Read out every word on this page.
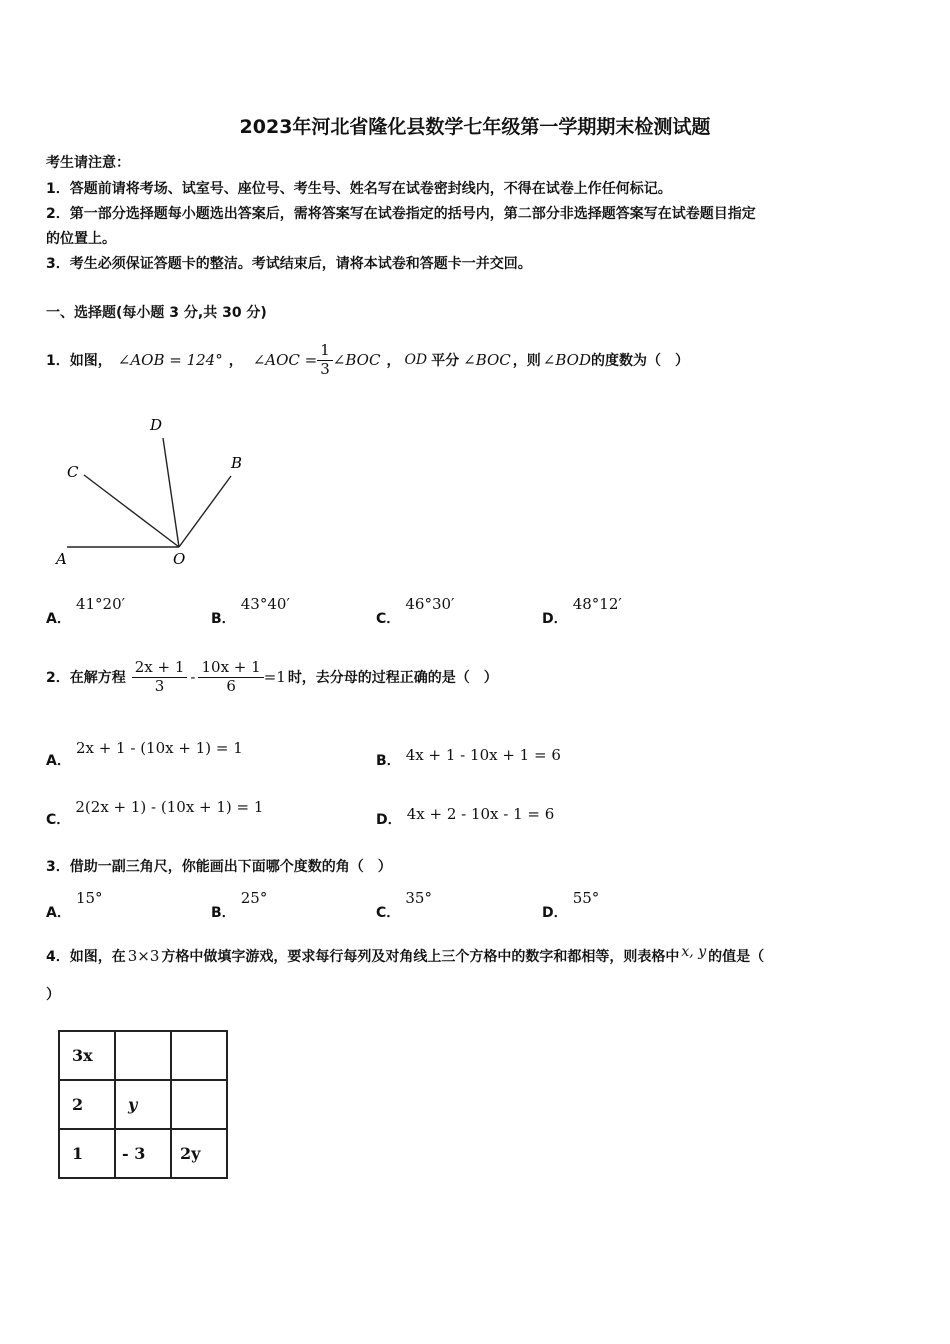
2023年河北省隆化县数学七年级第一学期期末检测试题
考生请注意：
1．答题前请将考场、试室号、座位号、考生号、姓名写在试卷密封线内，不得在试卷上作任何标记。
2．第一部分选择题每小题选出答案后，需将答案写在试卷指定的括号内，第二部分非选择题答案写在试卷题目指定
的位置上。
3．考生必须保证答题卡的整洁。考试结束后，请将本试卷和答题卡一并交回。
一、选择题(每小题 3 分,共 30 分)
1．如图， ∠AOB = 124° ， ∠AOC = $\frac{1}{3}$ ∠BOC ， OD 平分 ∠BOC ，则 ∠BOD 的度数为（　）
D
C	B
A	O
A． 41°20′
B． 43°40′
C． 46°30′
D． 48°12′
2．在解方程 $\frac{2x + 1}{3} - \frac{10x + 1}{6} =1$ 时，去分母的过程正确的是（　）
A． 2x + 1 - (10x + 1) = 1
B． 4x + 1 - 10x + 1 = 6
C． 2(2x + 1) - (10x + 1) = 1
D． 4x + 2 - 10x - 1 = 6
3．借助一副三角尺，你能画出下面哪个度数的角（　）
A． 15°
B． 25°
C． 35°
D． 55°
4．如图，在 3×3 方格中做填字游戏，要求每行每列及对角线上三个方格中的数字和都相等，则表格中 x, y 的值是（
）
3x		
2	y	
1	- 3	2y
